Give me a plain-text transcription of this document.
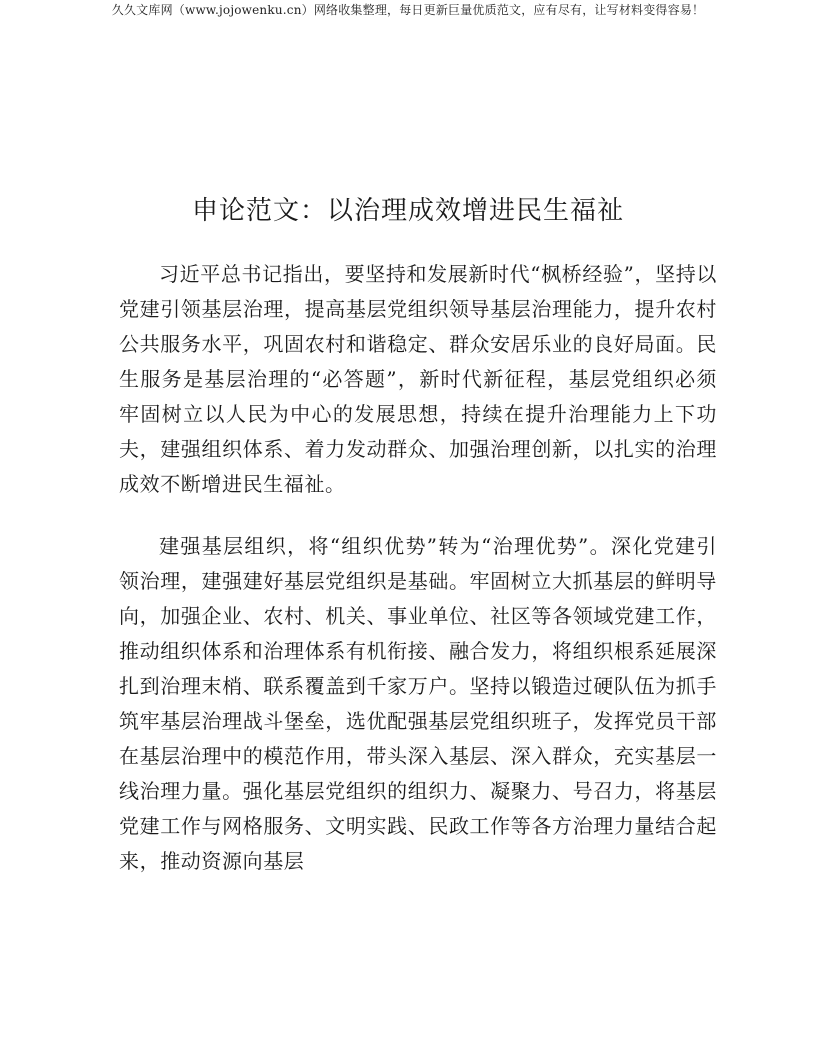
久久文库网（www.jojowenku.cn）网络收集整理，每日更新巨量优质范文，应有尽有，让写材料变得容易！
申论范文：以治理成效增进民生福祉

习近平总书记指出，要坚持和发展新时代“枫桥经验”，坚持以党建引领基层治理，提高基层党组织领导基层治理能力，提升农村公共服务水平，巩固农村和谐稳定、群众安居乐业的良好局面。民生服务是基层治理的“必答题”，新时代新征程，基层党组织必须牢固树立以人民为中心的发展思想，持续在提升治理能力上下功夫，建强组织体系、着力发动群众、加强治理创新，以扎实的治理成效不断增进民生福祉。

建强基层组织，将“组织优势”转为“治理优势”。深化党建引领治理，建强建好基层党组织是基础。牢固树立大抓基层的鲜明导向，加强企业、农村、机关、事业单位、社区等各领域党建工作，推动组织体系和治理体系有机衔接、融合发力，将组织根系延展深扎到治理末梢、联系覆盖到千家万户。坚持以锻造过硬队伍为抓手筑牢基层治理战斗堡垒，选优配强基层党组织班子，发挥党员干部在基层治理中的模范作用，带头深入基层、深入群众，充实基层一线治理力量。强化基层党组织的组织力、凝聚力、号召力，将基层党建工作与网格服务、文明实践、民政工作等各方治理力量结合起来，推动资源向基层
